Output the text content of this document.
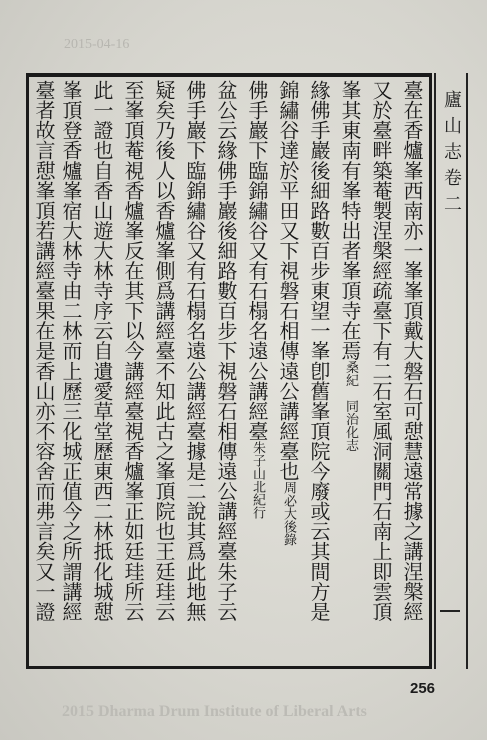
2015-04-16
廬山志卷二
臺在香爐峯西南亦一峯峯頂戴大磐石可憇慧遠常據之講涅槃經
又於臺畔築菴製涅槃經疏臺下有二石室風洞關門石南上即雲頂
峯其東南有峯特出者峯頂寺在焉桑紀　同治化志
緣佛手巖後細路數百步東望一峯卽舊峯頂院今廢或云其間方是
錦繡谷達於平田又下視磐石相傳遠公講經臺也周必大後錄
佛手巖下臨錦繡谷又有石榻名遠公講經臺朱子山北紀行
盆公云緣佛手巖後細路數百步下視磐石相傳遠公講經臺朱子云
佛手巖下臨錦繡谷又有石榻名遠公講經臺據是二說其爲此地無
疑矣乃後人以香爐峯側爲講經臺不知此古之峯頂院也王廷珪云
至峯頂菴視香爐峯反在其下以今講經臺視香爐峯正如廷珪所云
此一證也自香山遊大林寺序云自遺愛草堂歷東西二林抵化城憇
峯頂登香爐峯宿大林寺由二林而上歷三化城正值今之所謂講經
臺者故言憇峯頂若講經臺果在是香山亦不容舍而弗言矣又一證
256
2015 Dharma Drum Institute of Liberal Arts
